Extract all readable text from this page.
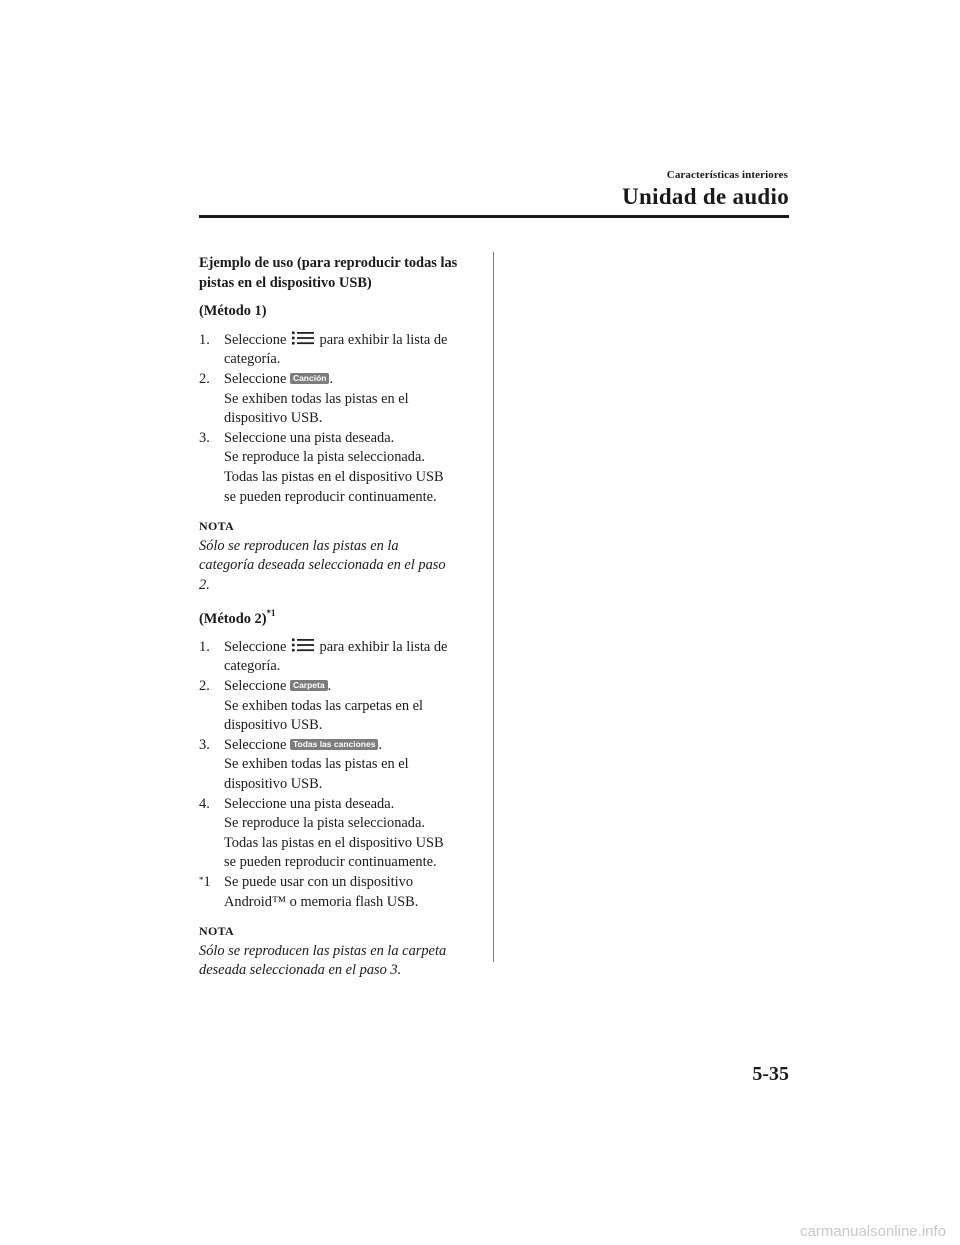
Características interiores
Unidad de audio
Ejemplo de uso (para reproducir todas las pistas en el dispositivo USB)
(Método 1)
1. Seleccione para exhibir la lista de
categoría.
2. Seleccione Canción .
Se exhiben todas las pistas en el
dispositivo USB.
3. Seleccione una pista deseada.
Se reproduce la pista seleccionada.
Todas las pistas en el dispositivo USB
se pueden reproducir continuamente.
NOTA
Sólo se reproducen las pistas en la
categoría deseada seleccionada en el paso
2.
(Método 2)$^{*1}$
1. Seleccione para exhibir la lista de
categoría.
2. Seleccione Carpeta .
Se exhiben todas las carpetas en el
dispositivo USB.
3. Seleccione Todas las canciones .
Se exhiben todas las pistas en el
dispositivo USB.
4. Seleccione una pista deseada.
Se reproduce la pista seleccionada.
Todas las pistas en el dispositivo USB
se pueden reproducir continuamente.
*1 Se puede usar con un dispositivo
Android™ o memoria flash USB.
NOTA
Sólo se reproducen las pistas en la carpeta
deseada seleccionada en el paso 3.
5-35
carmanualsonline.info
